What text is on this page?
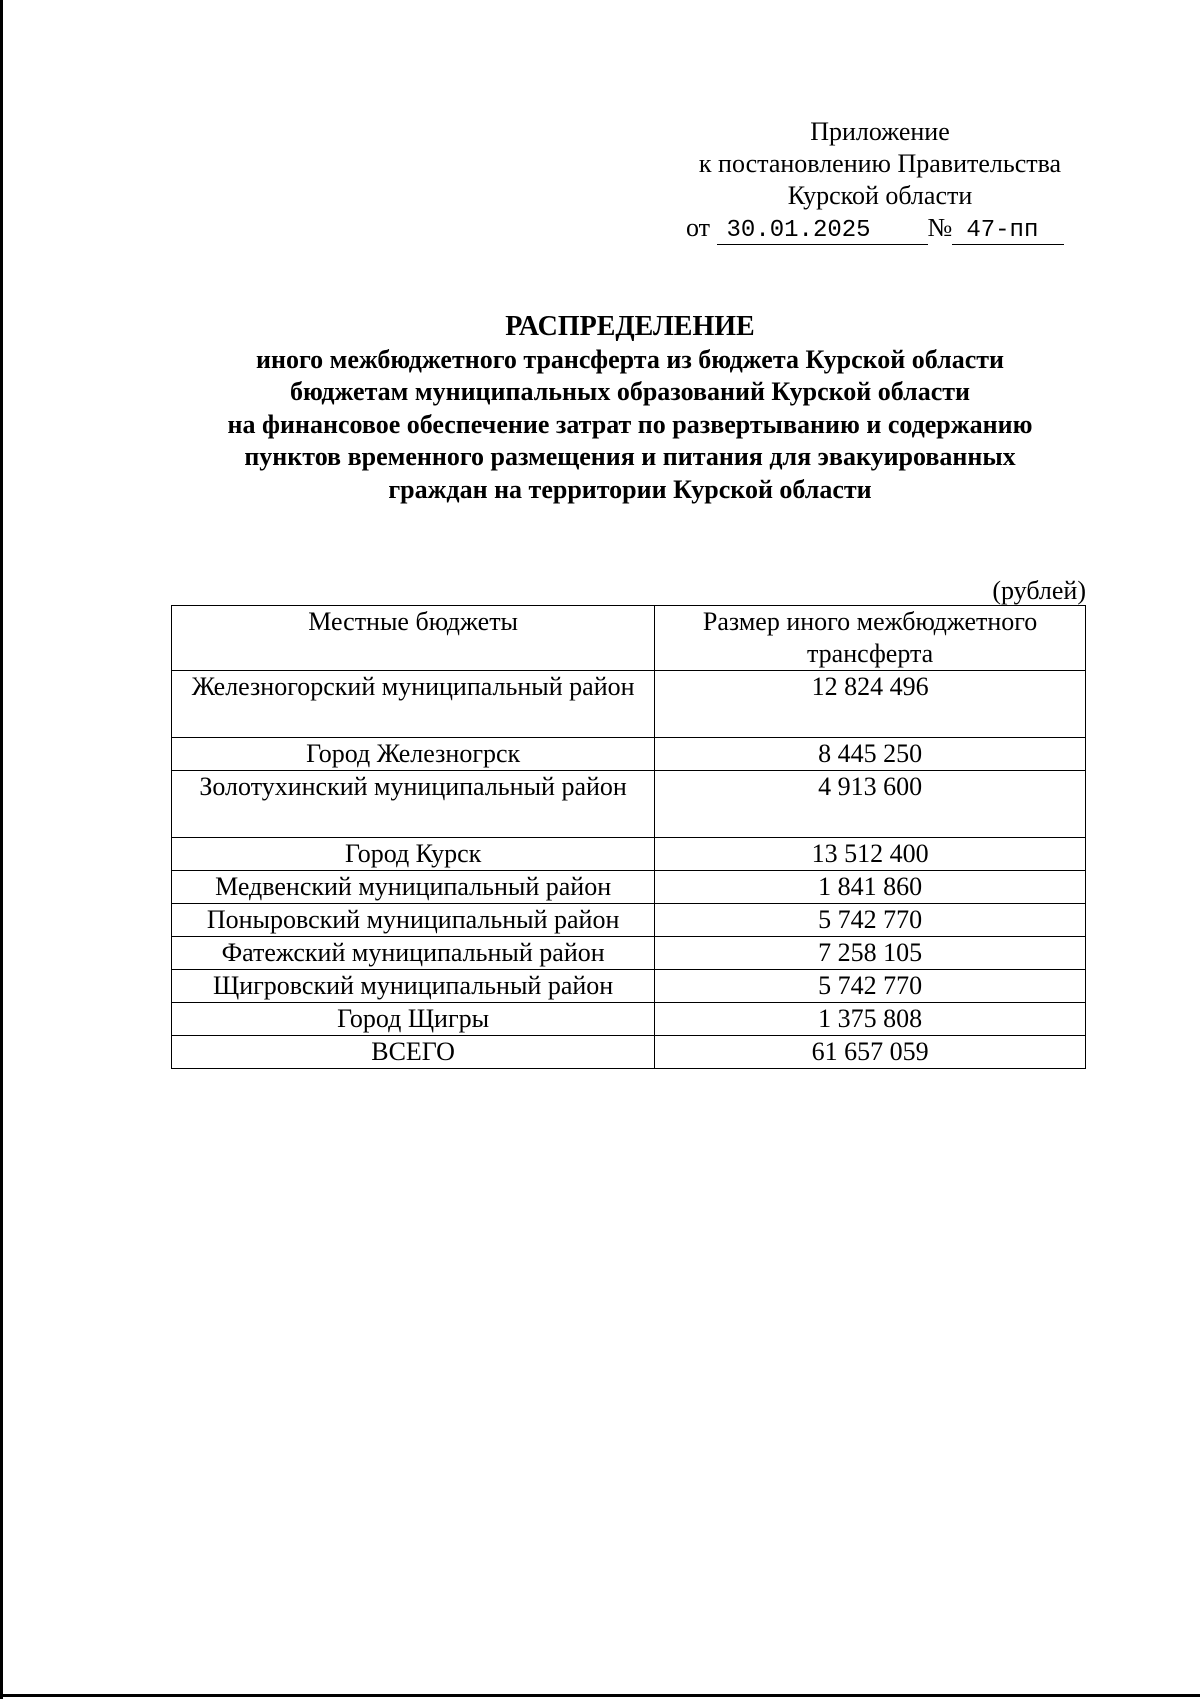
Приложение
к постановлению Правительства
Курской области
от 30.01.2025 № 47-пп
РАСПРЕДЕЛЕНИЕ
иного межбюджетного трансферта из бюджета Курской области
бюджетам муниципальных образований Курской области
на финансовое обеспечение затрат по развертыванию и содержанию
пунктов временного размещения и питания для эвакуированных
граждан на территории Курской области
(рублей)
Местные бюджеты	Размер иного межбюджетного трансферта
Железногорский муниципальный район	12 824 496
Город Железногрск	8 445 250
Золотухинский муниципальный район	4 913 600
Город Курск	13 512 400
Медвенский муниципальный район	1 841 860
Поныровский муниципальный район	5 742 770
Фатежский муниципальный район	7 258 105
Щигровский муниципальный район	5 742 770
Город Щигры	1 375 808
ВСЕГО	61 657 059
